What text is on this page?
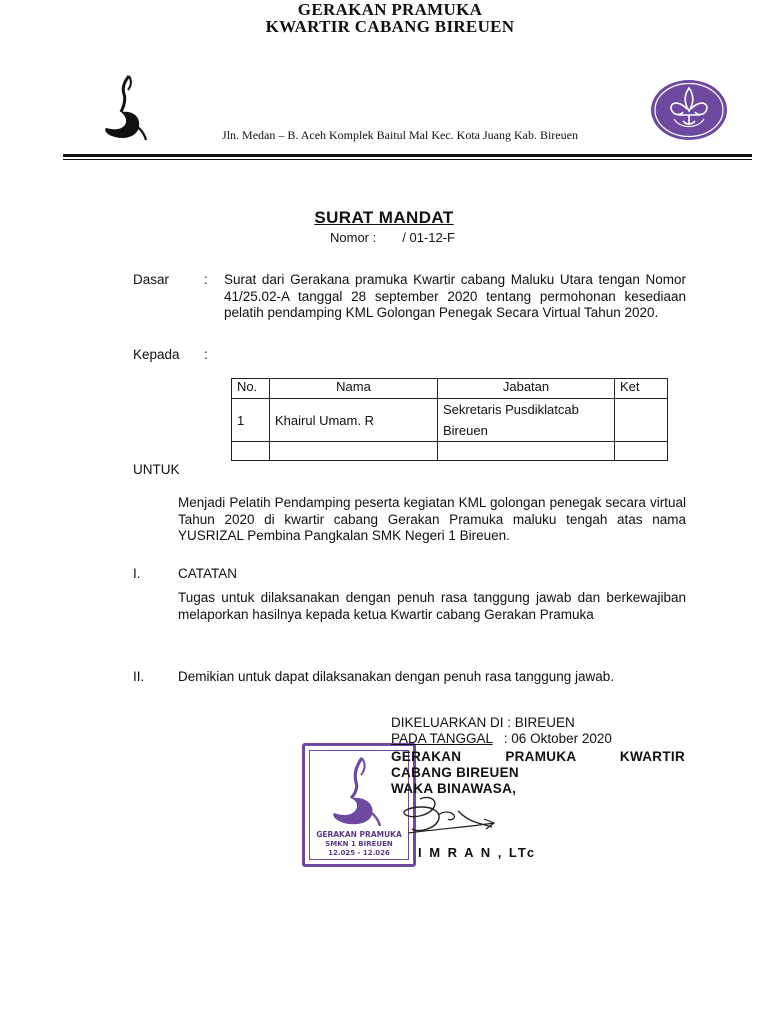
GERAKAN PRAMUKA
KWARTIR CABANG BIREUEN
Jln. Medan – B. Aceh Komplek Baitul Mal Kec. Kota Juang Kab. Bireuen
SURAT MANDAT
Nomor : / 01-12-F
Dasar	: Surat dari Gerakana pramuka Kwartir cabang Maluku Utara tengan Nomor 41/25.02-A tanggal 28 september 2020 tentang permohonan kesediaan pelatih pendamping KML Golongan Penegak Secara Virtual Tahun 2020.
Kepada :
No.	Nama	Jabatan	Ket
1	Khairul Umam. R	Sekretaris Pusdiklatcab
Bireuen	

UNTUK
Menjadi Pelatih Pendamping peserta kegiatan KML golongan penegak secara virtual Tahun 2020 di kwartir cabang Gerakan Pramuka maluku tengah atas nama YUSRIZAL Pembina Pangkalan SMK Negeri 1 Bireuen.
I.	CATATAN
Tugas untuk dilaksanakan dengan penuh rasa tanggung jawab dan berkewajiban melaporkan hasilnya kepada ketua Kwartir cabang Gerakan Pramuka
II. Demikian untuk dapat dilaksanakan dengan penuh rasa tanggung jawab.
GERAKAN PRAMUKA
SMKN 1 BIREUEN
12.025 - 12.026
DIKELUARKAN DI : BIREUEN
PADA TANGGAL   : 06 Oktober 2020
GERAKAN PRAMUKA KWARTIR
CABANG BIREUEN
WAKA BINAWASA,
I M R A N , LTc
